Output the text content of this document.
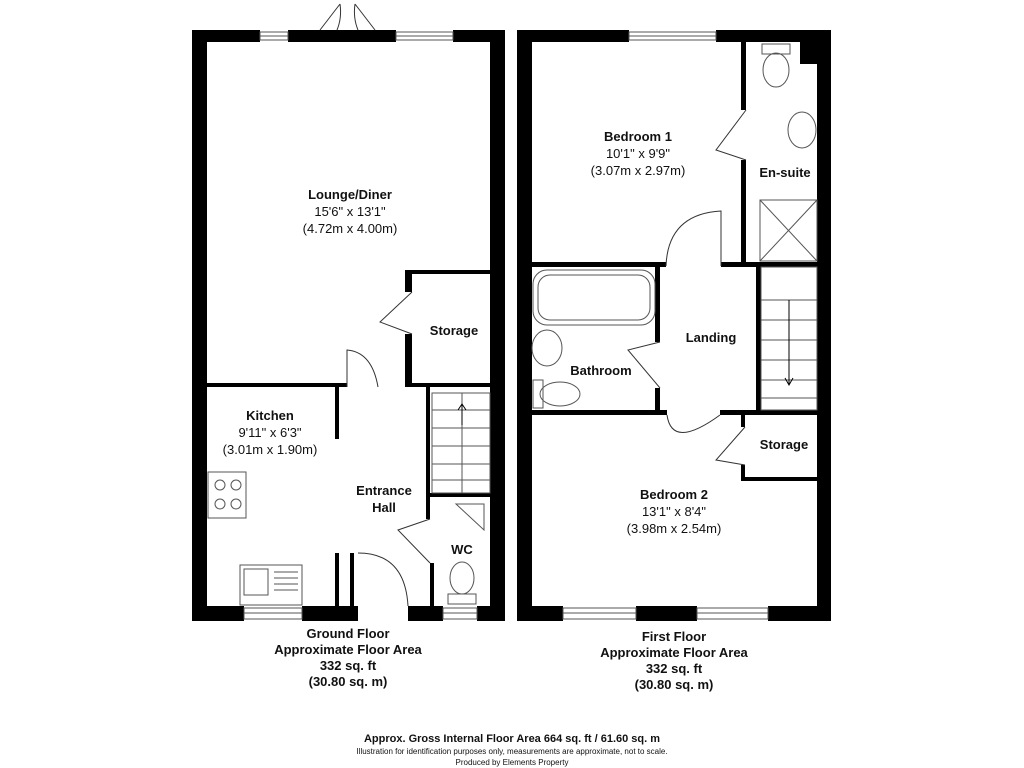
Lounge/Diner
15'6" x 13'1"
(4.72m x 4.00m)
Storage
Kitchen
9'11" x 6'3"
(3.01m x 1.90m)
Entrance
Hall
WC
Bedroom 1
10'1" x 9'9"
(3.07m x 2.97m)	En-suite
Bathroom
Landing
Storage
Bedroom 2
13'1" x 8'4"
(3.98m x 2.54m)
Ground Floor
Approximate Floor Area
332 sq. ft
(30.80 sq. m)
First Floor
Approximate Floor Area
332 sq. ft
(30.80 sq. m)
Approx. Gross Internal Floor Area 664 sq. ft / 61.60 sq. m
Illustration for identification purposes only, measurements are approximate, not to scale.
Produced by Elements Property
